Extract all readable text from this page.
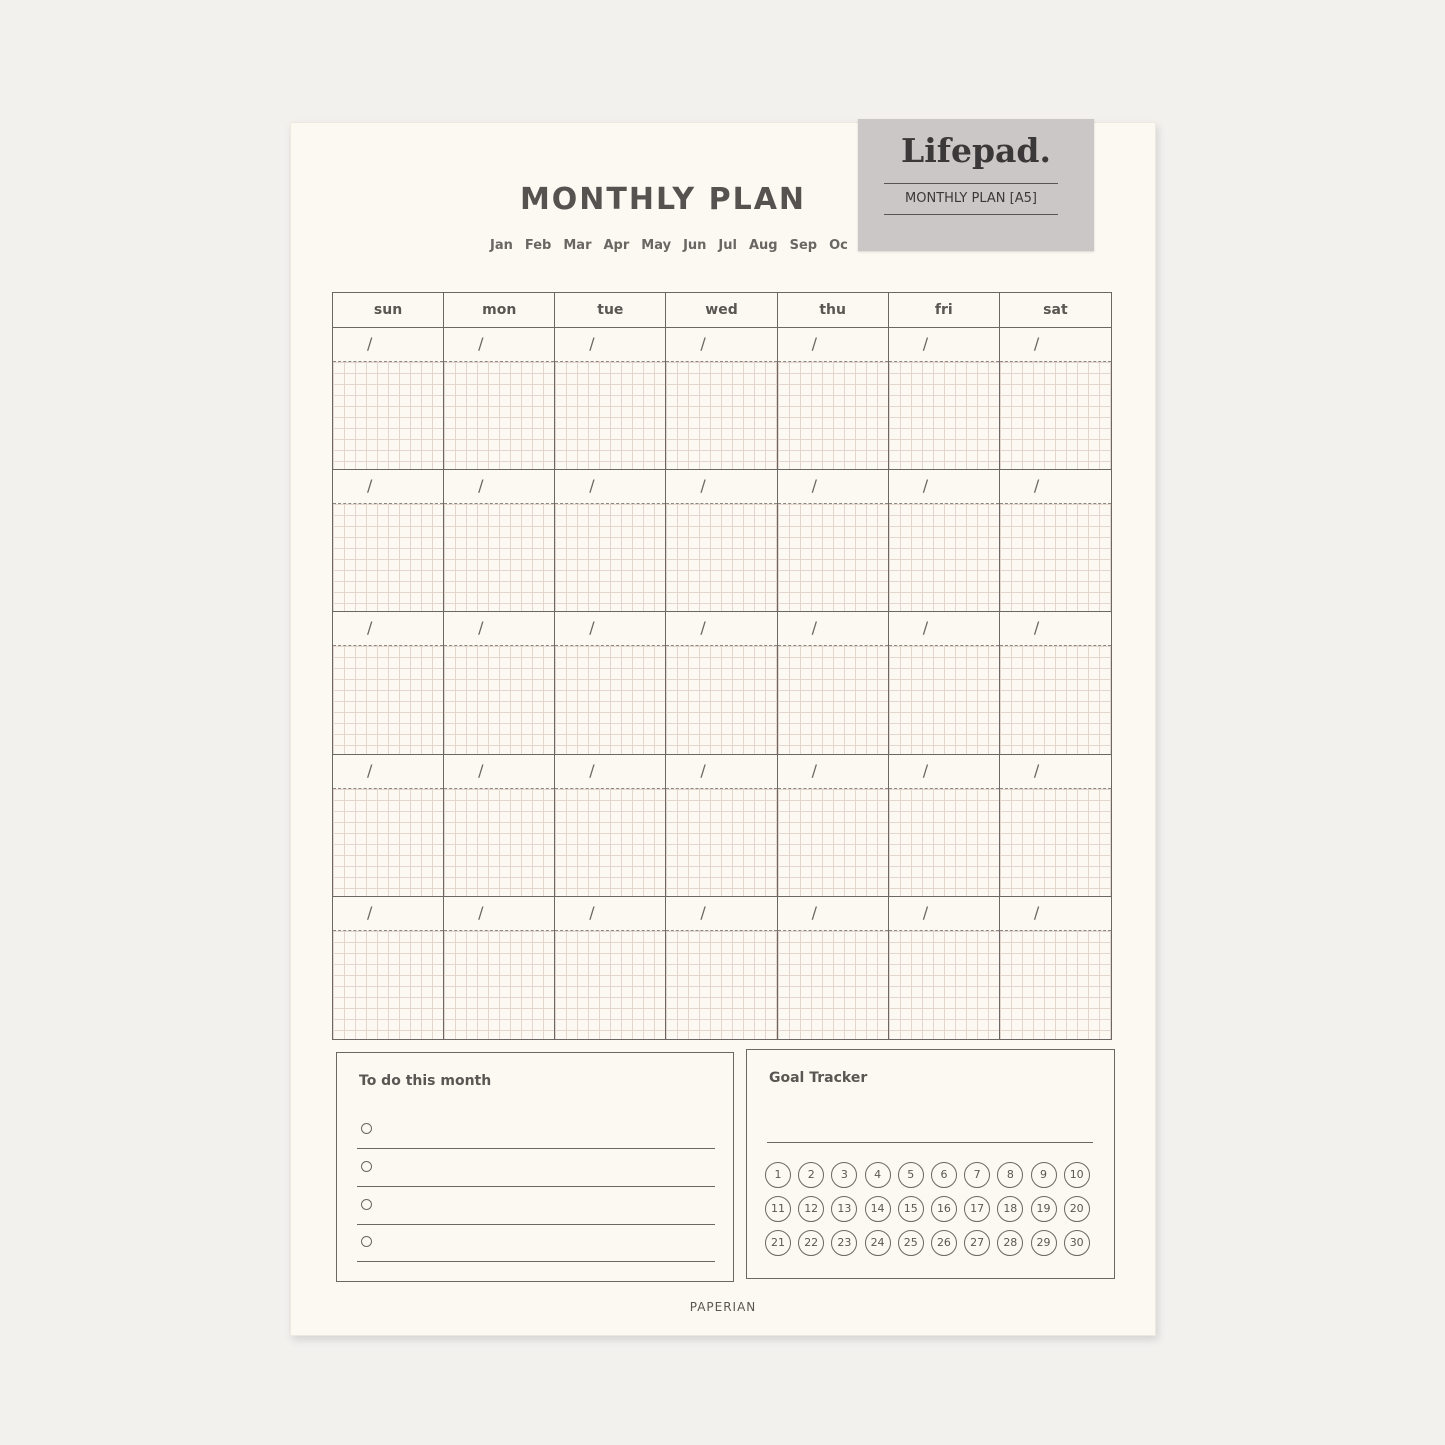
MONTHLY PLAN
Jan Feb Mar Apr May Jun Jul Aug Sep Oc
Lifepad.
MONTHLY PLAN [A5]
sun	mon	tue	wed	thu	fri	sat
/	/	/	/	/	/	/
/	/	/	/	/	/	/
/	/	/	/	/	/	/
/	/	/	/	/	/	/
/	/	/	/	/	/	/
To do this month	Goal Tracker
1	2	3	4	5	6	7	8	9	10
11	12	13	14	15	16	17	18	19	20
21	22	23	24	25	26	27	28	29	30
PAPERIAN
